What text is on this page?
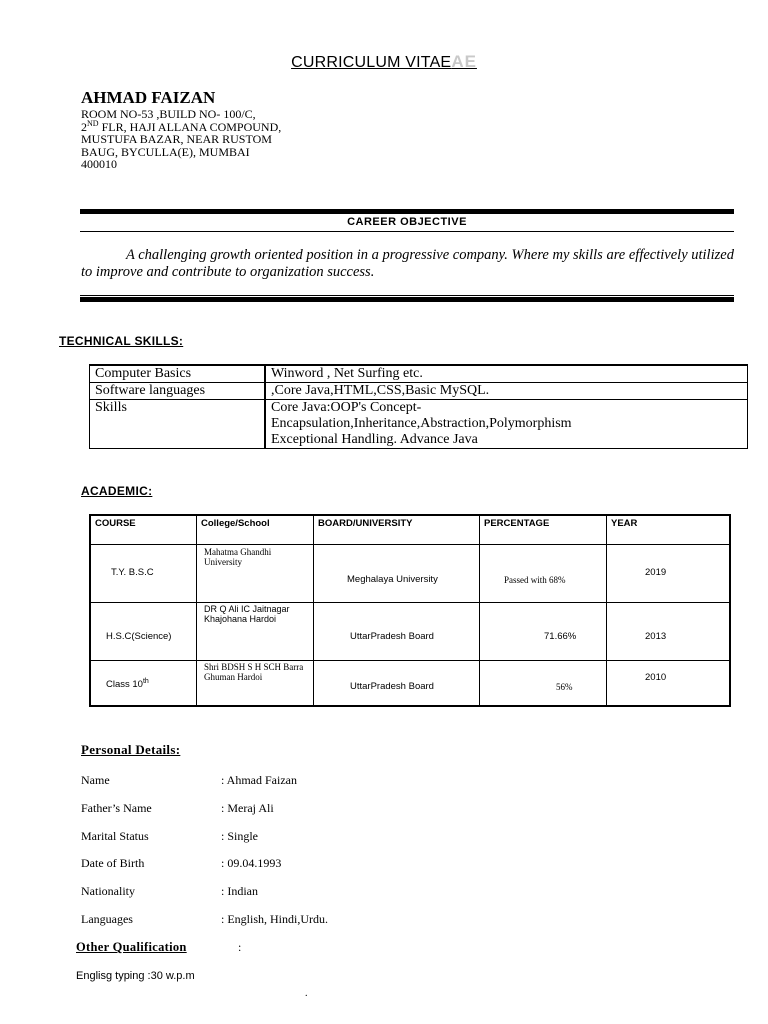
CURRICULUM VITAEAE
AHMAD FAIZAN
ROOM NO-53 ,BUILD NO- 100/C,
2ND FLR, HAJI ALLANA COMPOUND,
MUSTUFA BAZAR, NEAR RUSTOM
BAUG, BYCULLA(E), MUMBAI
400010
CAREER OBJECTIVE
A challenging growth oriented position in a progressive company. Where my skills are effectively utilized to improve and contribute to organization success.
TECHNICAL SKILLS:
Computer Basics	Winword , Net Surfing etc.

Software languages	,Core Java,HTML,CSS,Basic MySQL.

Skills	Core Java:OOP's Concept-
Encapsulation,Inheritance,Abstraction,Polymorphism
Exceptional Handling. Advance Java
ACADEMIC:
COURSE	College/School	BOARD/UNIVERSITY	PERCENTAGE	YEAR

T.Y. B.S.C	Mahatma Ghandhi University	Meghalaya University	Passed with 68%	2019

H.S.C(Science)	DR Q Ali IC Jaitnagar Khajohana Hardoi	UttarPradesh Board	71.66%	2013

Class 10th	Shri BDSH S H SCH Barra Ghuman Hardoi	UttarPradesh Board	56%	2010
Personal Details:
Name	: Ahmad Faizan
Father’s Name	: Meraj Ali
Marital Status	: Single
Date of Birth	: 09.04.1993
Nationality	: Indian
Languages	: English, Hindi,Urdu.
Other Qualification	:
Englisg typing :30 w.p.m
.
